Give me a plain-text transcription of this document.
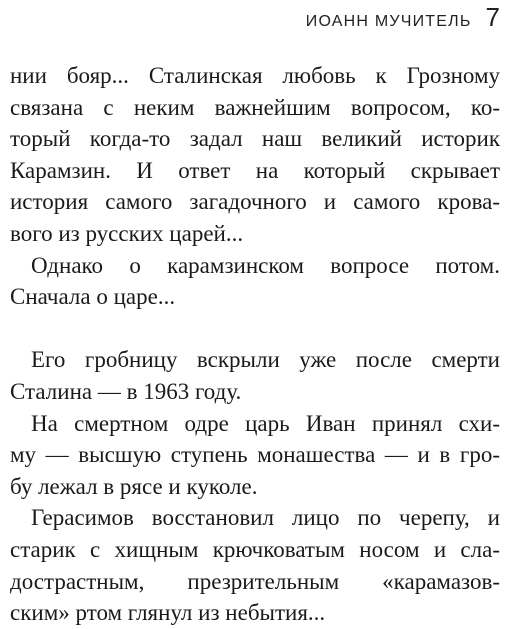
ИОАНН МУЧИТЕЛЬ 7
нии бояр... Сталинская любовь к Грозному
связана с неким важнейшим вопросом, ко-
торый когда-то задал наш великий историк
Карамзин. И ответ на который скрывает
история самого загадочного и самого крова-
вого из русских царей...
Однако о карамзинском вопросе потом.
Сначала о царе...
Его гробницу вскрыли уже после смерти
Сталина — в 1963 году.
На смертном одре царь Иван принял схи-
му — высшую ступень монашества — и в гро-
бу лежал в рясе и куколе.
Герасимов восстановил лицо по черепу, и
старик с хищным крючковатым носом и сла-
дострастным, презрительным «карамазов-
ским» ртом глянул из небытия...
